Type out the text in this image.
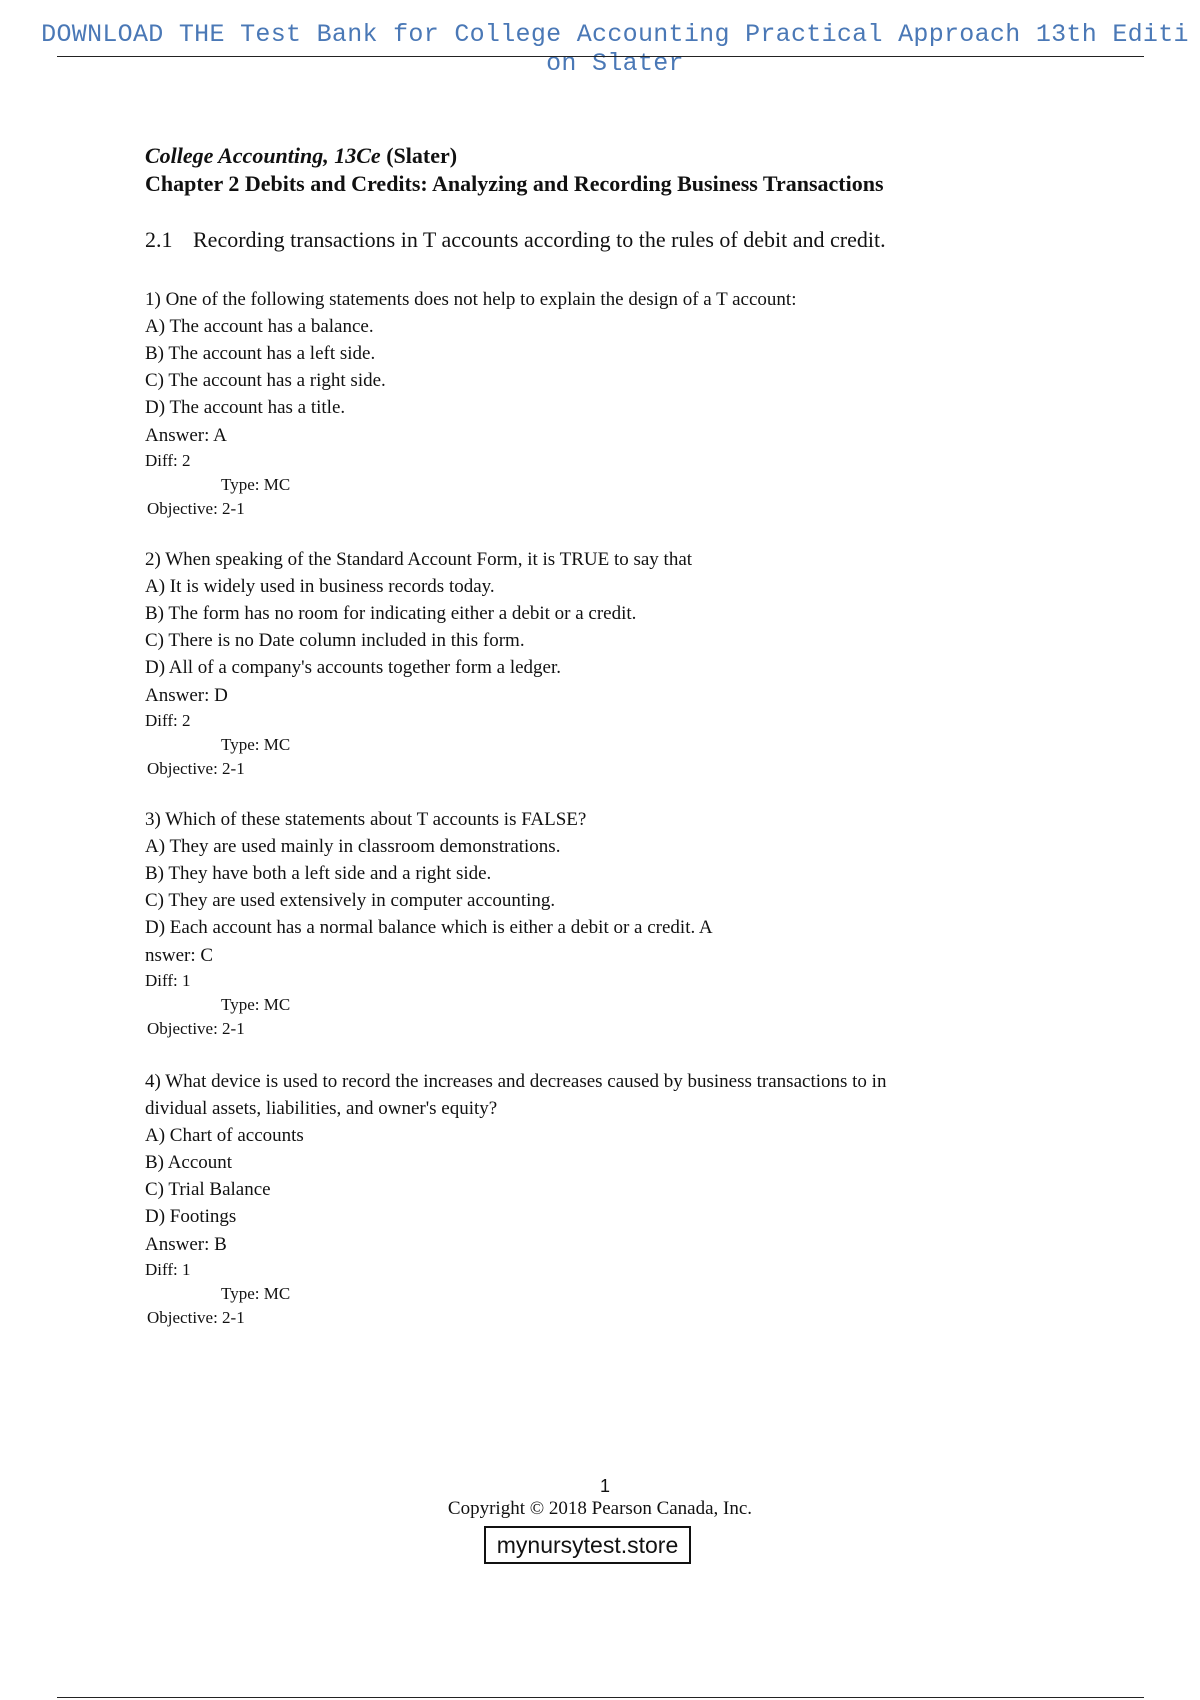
DOWNLOAD THE Test Bank for College Accounting Practical Approach 13th Editi
on Slater
College Accounting, 13Ce (Slater)
Chapter 2 Debits and Credits: Analyzing and Recording Business Transactions
2.1 Recording transactions in T accounts according to the rules of debit and credit.
1) One of the following statements does not help to explain the design of a T account:
A) The account has a balance.
B) The account has a left side.
C) The account has a right side.
D) The account has a title.
Answer: A
Diff: 2
Type: MC
Objective: 2-1
2) When speaking of the Standard Account Form, it is TRUE to say that
A) It is widely used in business records today.
B) The form has no room for indicating either a debit or a credit.
C) There is no Date column included in this form.
D) All of a company's accounts together form a ledger.
Answer: D
Diff: 2
Type: MC
Objective: 2-1
3) Which of these statements about T accounts is FALSE?
A) They are used mainly in classroom demonstrations.
B) They have both a left side and a right side.
C) They are used extensively in computer accounting.
D) Each account has a normal balance which is either a debit or a credit. A
nswer: C
Diff: 1
Type: MC
Objective: 2-1
4) What device is used to record the increases and decreases caused by business transactions to in
dividual assets, liabilities, and owner's equity?
A) Chart of accounts
B) Account
C) Trial Balance
D) Footings
Answer: B
Diff: 1
Type: MC
Objective: 2-1
1
Copyright © 2018 Pearson Canada, Inc.
mynursytest.store
